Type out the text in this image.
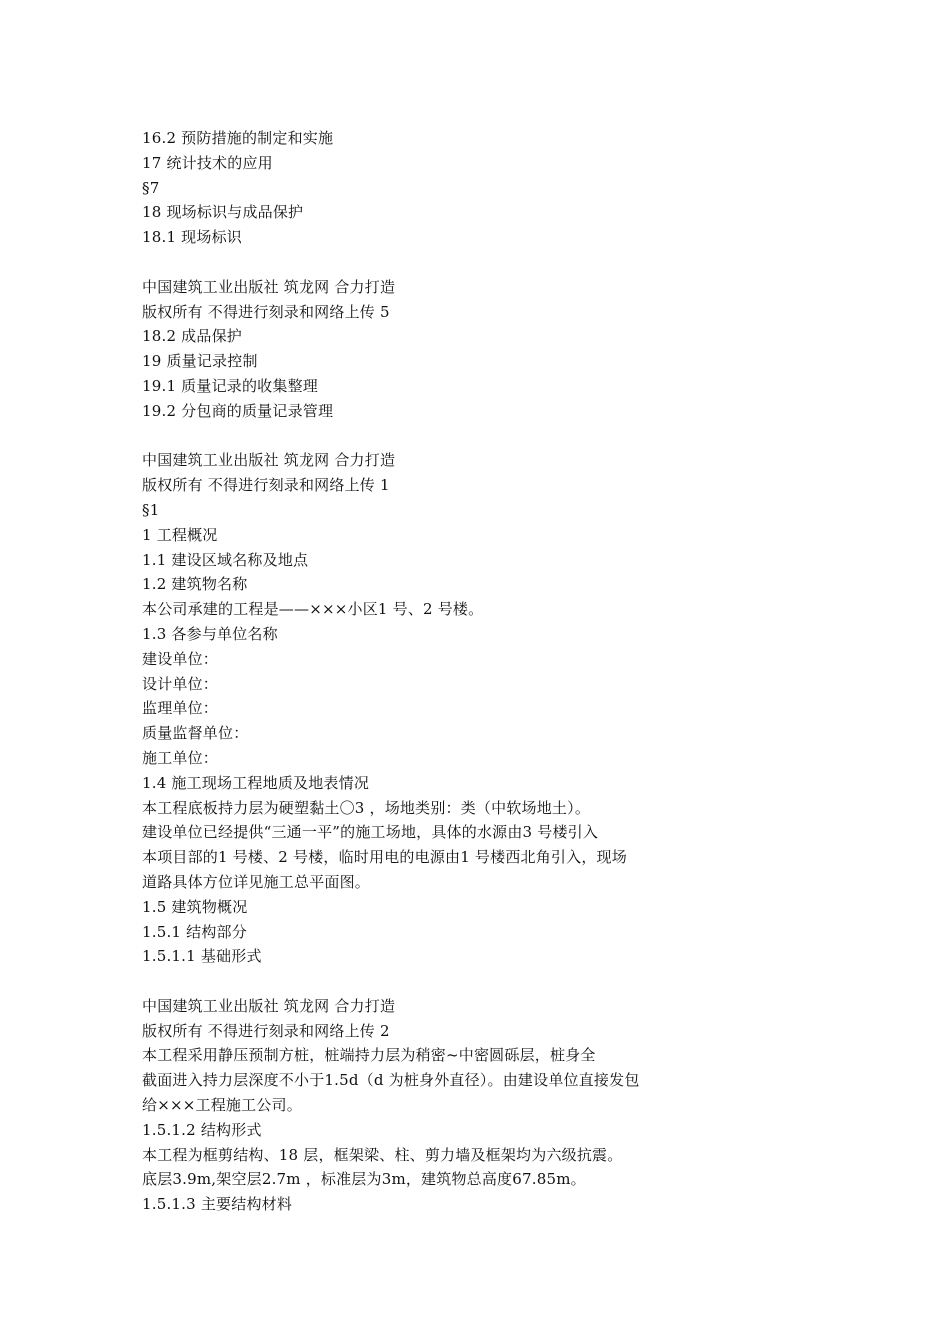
16.2 预防措施的制定和实施
17 统计技术的应用
§7
18 现场标识与成品保护
18.1 现场标识
中国建筑工业出版社 筑龙网 合力打造
版权所有 不得进行刻录和网络上传 5
18.2 成品保护
19 质量记录控制
19.1 质量记录的收集整理
19.2 分包商的质量记录管理
中国建筑工业出版社 筑龙网 合力打造
版权所有 不得进行刻录和网络上传 1
§1
1 工程概况
1.1 建设区域名称及地点
1.2 建筑物名称
本公司承建的工程是——×××小区1 号、2 号楼。
1.3 各参与单位名称
建设单位：
设计单位：
监理单位：
质量监督单位：
施工单位：
1.4 施工现场工程地质及地表情况
本工程底板持力层为硬塑黏土〇3 ，场地类别：类（中软场地土）。
建设单位已经提供“三通一平”的施工场地，具体的水源由3 号楼引入
本项目部的1 号楼、2 号楼，临时用电的电源由1 号楼西北角引入，现场
道路具体方位详见施工总平面图。
1.5 建筑物概况
1.5.1 结构部分
1.5.1.1 基础形式
中国建筑工业出版社 筑龙网 合力打造
版权所有 不得进行刻录和网络上传 2
本工程采用静压预制方桩，桩端持力层为稍密~中密圆砾层，桩身全
截面进入持力层深度不小于1.5d（d 为桩身外直径）。由建设单位直接发包
给×××工程施工公司。
1.5.1.2 结构形式
本工程为框剪结构、18 层，框架梁、柱、剪力墙及框架均为六级抗震。
底层3.9m,架空层2.7m ，标准层为3m，建筑物总高度67.85m。
1.5.1.3 主要结构材料
